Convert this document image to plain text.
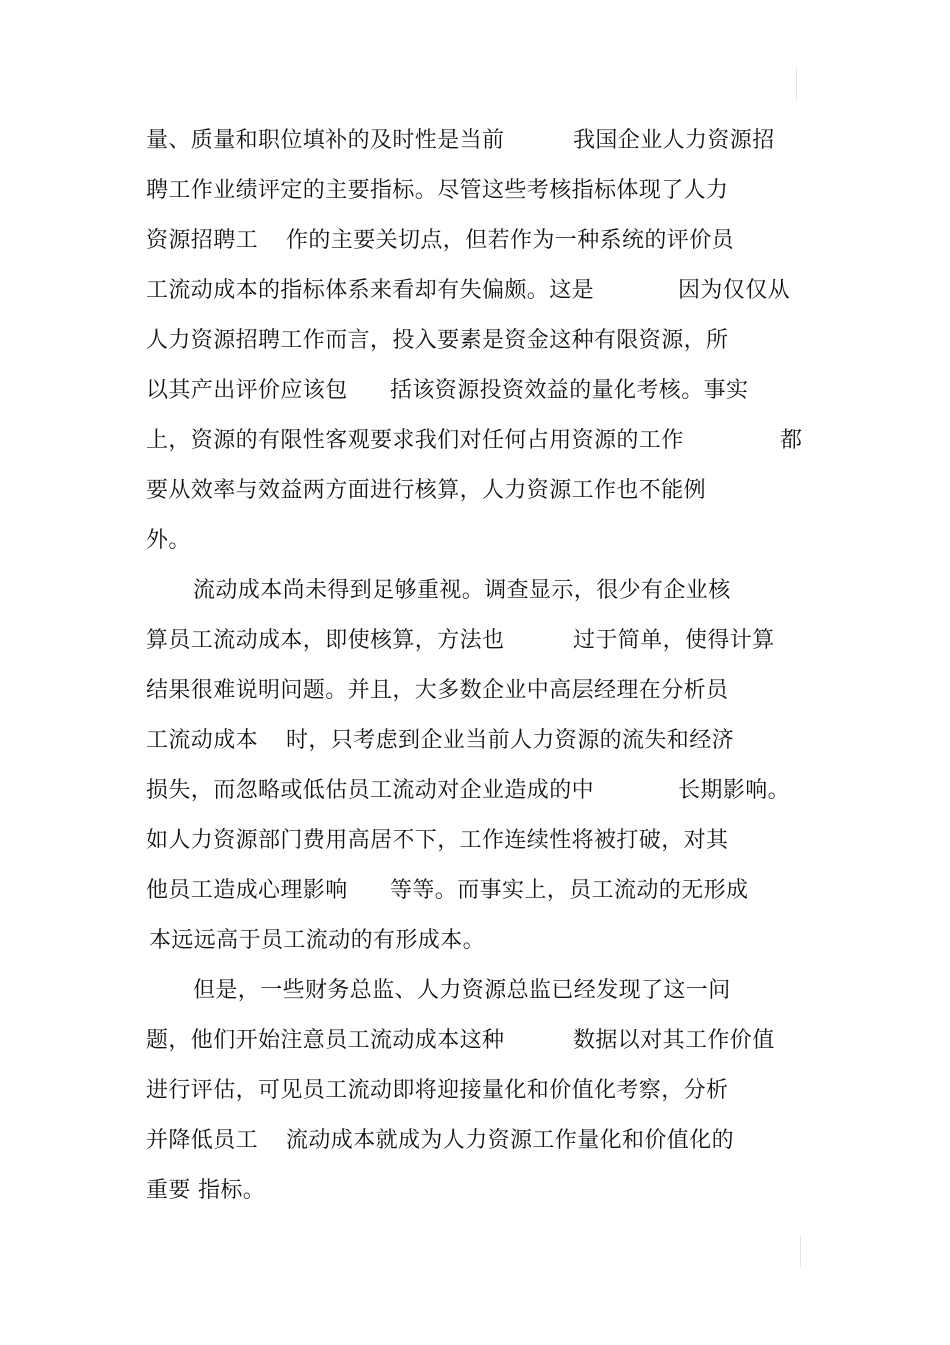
量、质量和职位填补的及时性是当前	我国企业人力资源招
聘工作业绩评定的主要指标。尽管这些考核指标体现了人力
资源招聘工 作的主要关切点，但若作为一种系统的评价员
工流动成本的指标体系来看却有失偏颇。这是	因为仅仅从
人力资源招聘工作而言，投入要素是资金这种有限资源，所
以其产出评价应该包 括该资源投资效益的量化考核。事实
上，资源的有限性客观要求我们对任何占用资源的工作	都
要从效率与效益两方面进行核算，人力资源工作也不能例
外。
流动成本尚未得到足够重视。调查显示，很少有企业核
算员工流动成本，即使核算，方法也	过于简单，使得计算
结果很难说明问题。并且，大多数企业中高层经理在分析员
工流动成本 时，只考虑到企业当前人力资源的流失和经济
损失，而忽略或低估员工流动对企业造成的中	长期影响。
如人力资源部门费用高居不下，工作连续性将被打破，对其
他员工造成心理影响 等等。而事实上，员工流动的无形成
本远远高于员工流动的有形成本。
但是，一些财务总监、人力资源总监已经发现了这一问
题，他们开始注意员工流动成本这种	数据以对其工作价值
进行评估，可见员工流动即将迎接量化和价值化考察，分析
并降低员工 流动成本就成为人力资源工作量化和价值化的
重要 指标。
